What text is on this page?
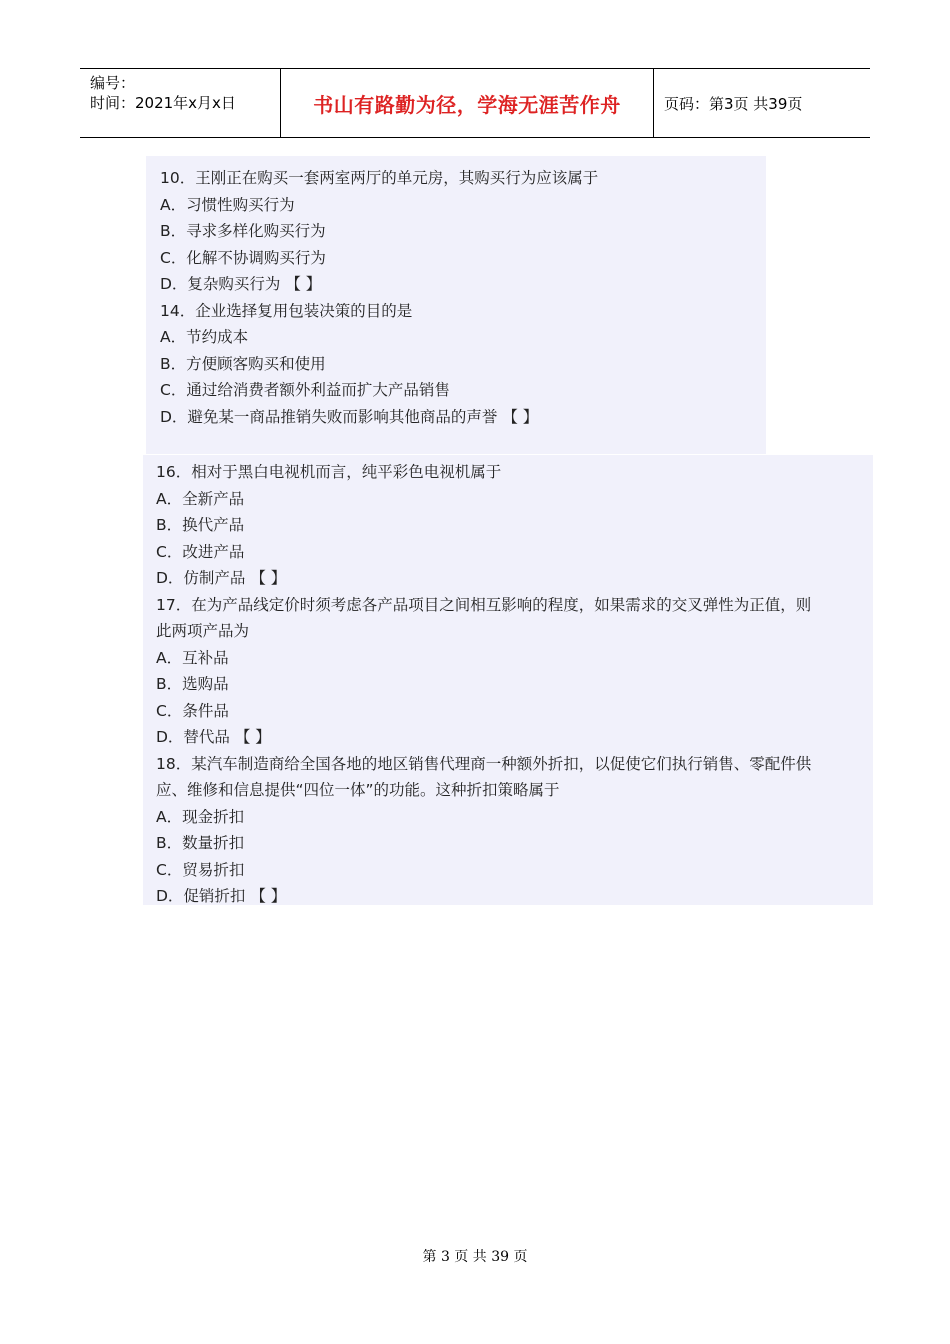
编号：
时间：2021年x月x日	书山有路勤为径，学海无涯苦作舟	页码：第3页 共39页
10．王刚正在购买一套两室两厅的单元房，其购买行为应该属于
A．习惯性购买行为
B．寻求多样化购买行为
C．化解不协调购买行为
D．复杂购买行为 【 】
14．企业选择复用包装决策的目的是
A．节约成本
B．方便顾客购买和使用
C．通过给消费者额外利益而扩大产品销售
D．避免某一商品推销失败而影响其他商品的声誉 【 】
16．相对于黑白电视机而言，纯平彩色电视机属于
A．全新产品
B．换代产品
C．改进产品
D．仿制产品 【 】
17．在为产品线定价时须考虑各产品项目之间相互影响的程度，如果需求的交叉弹性为正值，则
此两项产品为
A．互补品
B．选购品
C．条件品
D．替代品 【 】
18．某汽车制造商给全国各地的地区销售代理商一种额外折扣，以促使它们执行销售、零配件供
应、维修和信息提供“四位一体”的功能。这种折扣策略属于
A．现金折扣
B．数量折扣
C．贸易折扣
D．促销折扣 【 】
第 3 页 共 39 页
